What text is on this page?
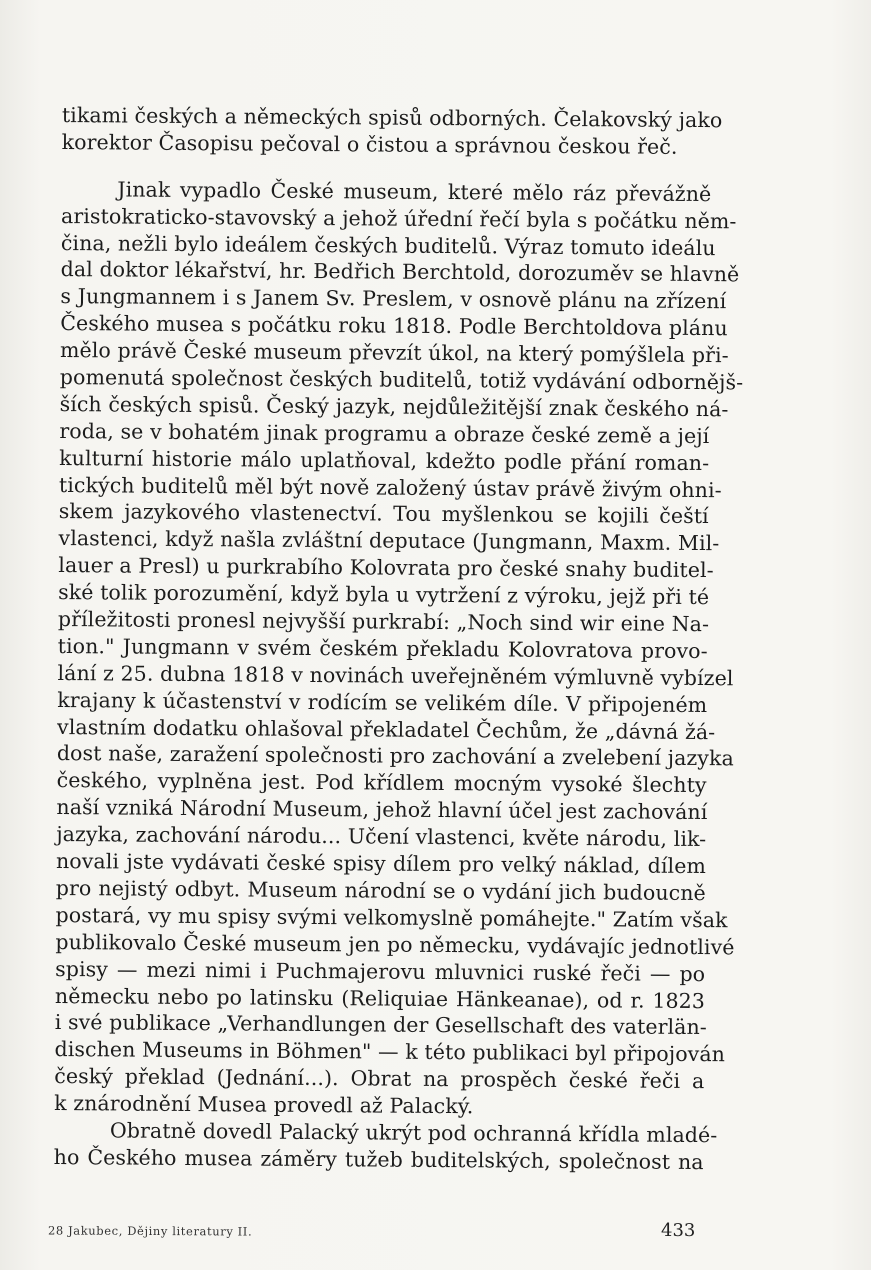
tikami českých a německých spisů odborných. Čelakovský jako
korektor Časopisu pečoval o čistou a správnou českou řeč.
Jinak vypadlo České museum, které mělo ráz převážně
aristokraticko-stavovský a jehož úřední řečí byla s počátku něm-
čina, nežli bylo ideálem českých buditelů. Výraz tomuto ideálu
dal doktor lékařství, hr. Bedřich Berchtold, dorozuměv se hlavně
s Jungmannem i s Janem Sv. Preslem, v osnově plánu na zřízení
Českého musea s počátku roku 1818. Podle Berchtoldova plánu
mělo právě České museum převzít úkol, na který pomýšlela při-
pomenutá společnost českých buditelů, totiž vydávání odbornějš-
ších českých spisů. Český jazyk, nejdůležitější znak českého ná-
roda, se v bohatém jinak programu a obraze české země a její
kulturní historie málo uplatňoval, kdežto podle přání roman-
tických buditelů měl být nově založený ústav právě živým ohni-
skem jazykového vlastenectví. Tou myšlenkou se kojili čeští
vlastenci, když našla zvláštní deputace (Jungmann, Maxm. Mil-
lauer a Presl) u purkrabího Kolovrata pro české snahy buditel-
ské tolik porozumění, když byla u vytržení z výroku, jejž při té
příležitosti pronesl nejvyšší purkrabí: „Noch sind wir eine Na-
tion." Jungmann v svém českém překladu Kolovratova provo-
lání z 25. dubna 1818 v novinách uveřejněném výmluvně vybízel
krajany k účastenství v rodícím se velikém díle. V připojeném
vlastním dodatku ohlašoval překladatel Čechům, že „dávná žá-
dost naše, zaražení společnosti pro zachování a zvelebení jazyka
českého, vyplněna jest. Pod křídlem mocným vysoké šlechty
naší vzniká Národní Museum, jehož hlavní účel jest zachování
jazyka, zachování národu... Učení vlastenci, květe národu, lik-
novali jste vydávati české spisy dílem pro velký náklad, dílem
pro nejistý odbyt. Museum národní se o vydání jich budoucně
postará, vy mu spisy svými velkomyslně pomáhejte." Zatím však
publikovalo České museum jen po německu, vydávajíc jednotlivé
spisy — mezi nimi i Puchmajerovu mluvnici ruské řeči — po
německu nebo po latinsku (Reliquiae Hänkeanae), od r. 1823
i své publikace „Verhandlungen der Gesellschaft des vaterlän-
dischen Museums in Böhmen" — k této publikaci byl připojován
český překlad (Jednání...). Obrat na prospěch české řeči a
k znárodnění Musea provedl až Palacký.
Obratně dovedl Palacký ukrýt pod ochranná křídla mladé-
ho Českého musea záměry tužeb buditelských, společnost na
28 Jakubec, Dějiny literatury II.	433
